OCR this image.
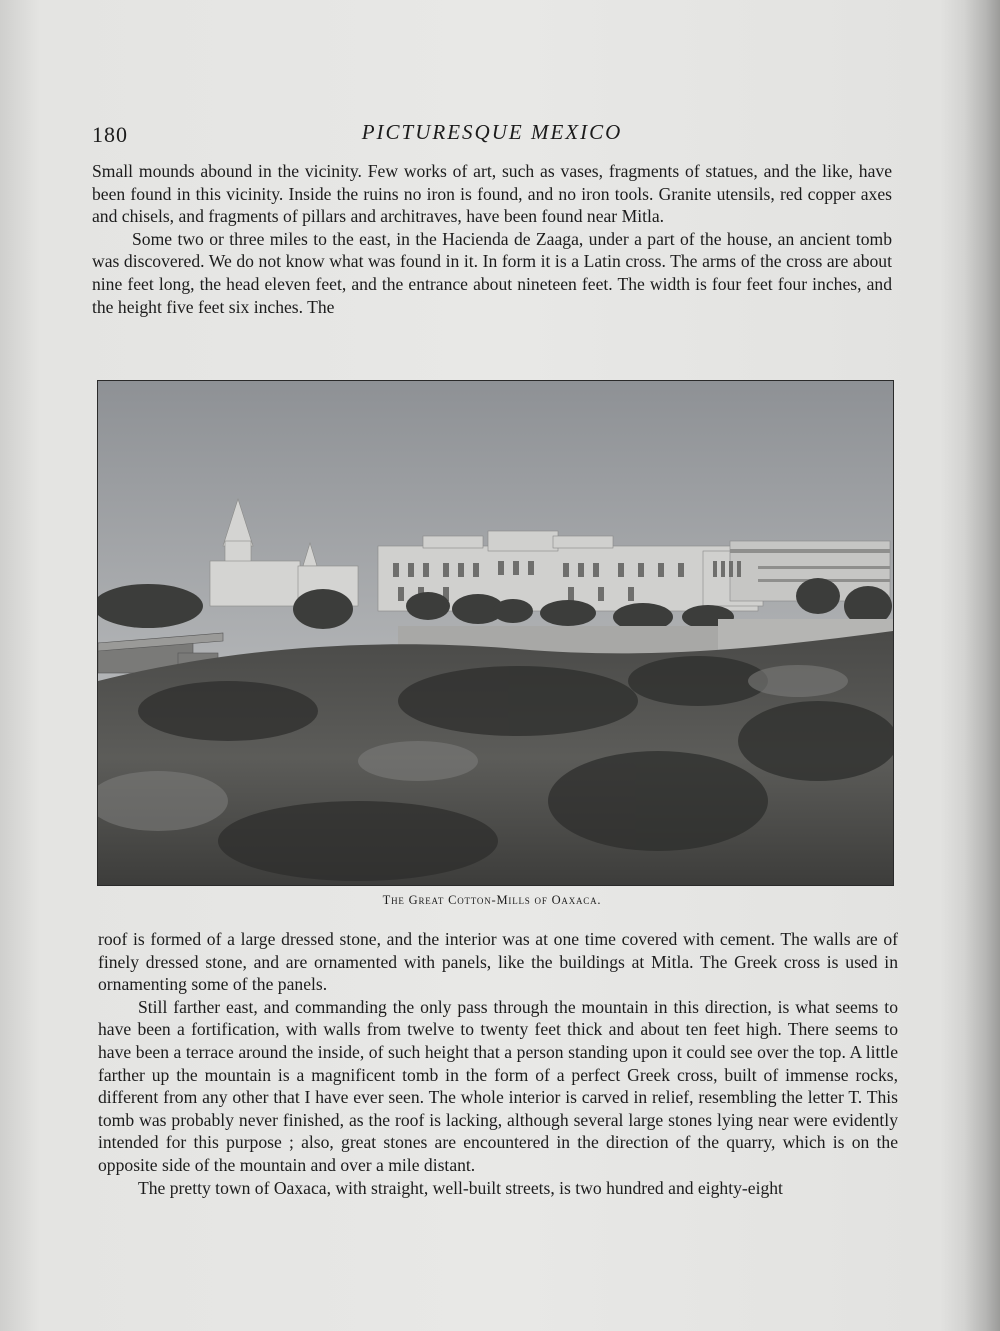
180	PICTURESQUE MEXICO

Small mounds abound in the vicinity. Few works of art, such as vases, fragments of statues, and the like, have been found in this vicinity. Inside the ruins no iron is found, and no iron tools. Granite utensils, red copper axes and chisels, and fragments of pillars and architraves, have been found near Mitla.

Some two or three miles to the east, in the Hacienda de Zaaga, under a part of the house, an ancient tomb was discovered. We do not know what was found in it. In form it is a Latin cross. The arms of the cross are about nine feet long, the head eleven feet, and the entrance about nineteen feet. The width is four feet four inches, and the height five feet six inches. The

The Great Cotton-Mills of Oaxaca.

roof is formed of a large dressed stone, and the interior was at one time covered with cement. The walls are of finely dressed stone, and are ornamented with panels, like the buildings at Mitla. The Greek cross is used in ornamenting some of the panels.

Still farther east, and commanding the only pass through the mountain in this direction, is what seems to have been a fortification, with walls from twelve to twenty feet thick and about ten feet high. There seems to have been a terrace around the inside, of such height that a person standing upon it could see over the top. A little farther up the mountain is a magnificent tomb in the form of a perfect Greek cross, built of immense rocks, different from any other that I have ever seen. The whole interior is carved in relief, resembling the letter T. This tomb was probably never finished, as the roof is lacking, although several large stones lying near were evidently intended for this purpose ; also, great stones are encountered in the direction of the quarry, which is on the opposite side of the mountain and over a mile distant.

The pretty town of Oaxaca, with straight, well-built streets, is two hundred and eighty-eight
